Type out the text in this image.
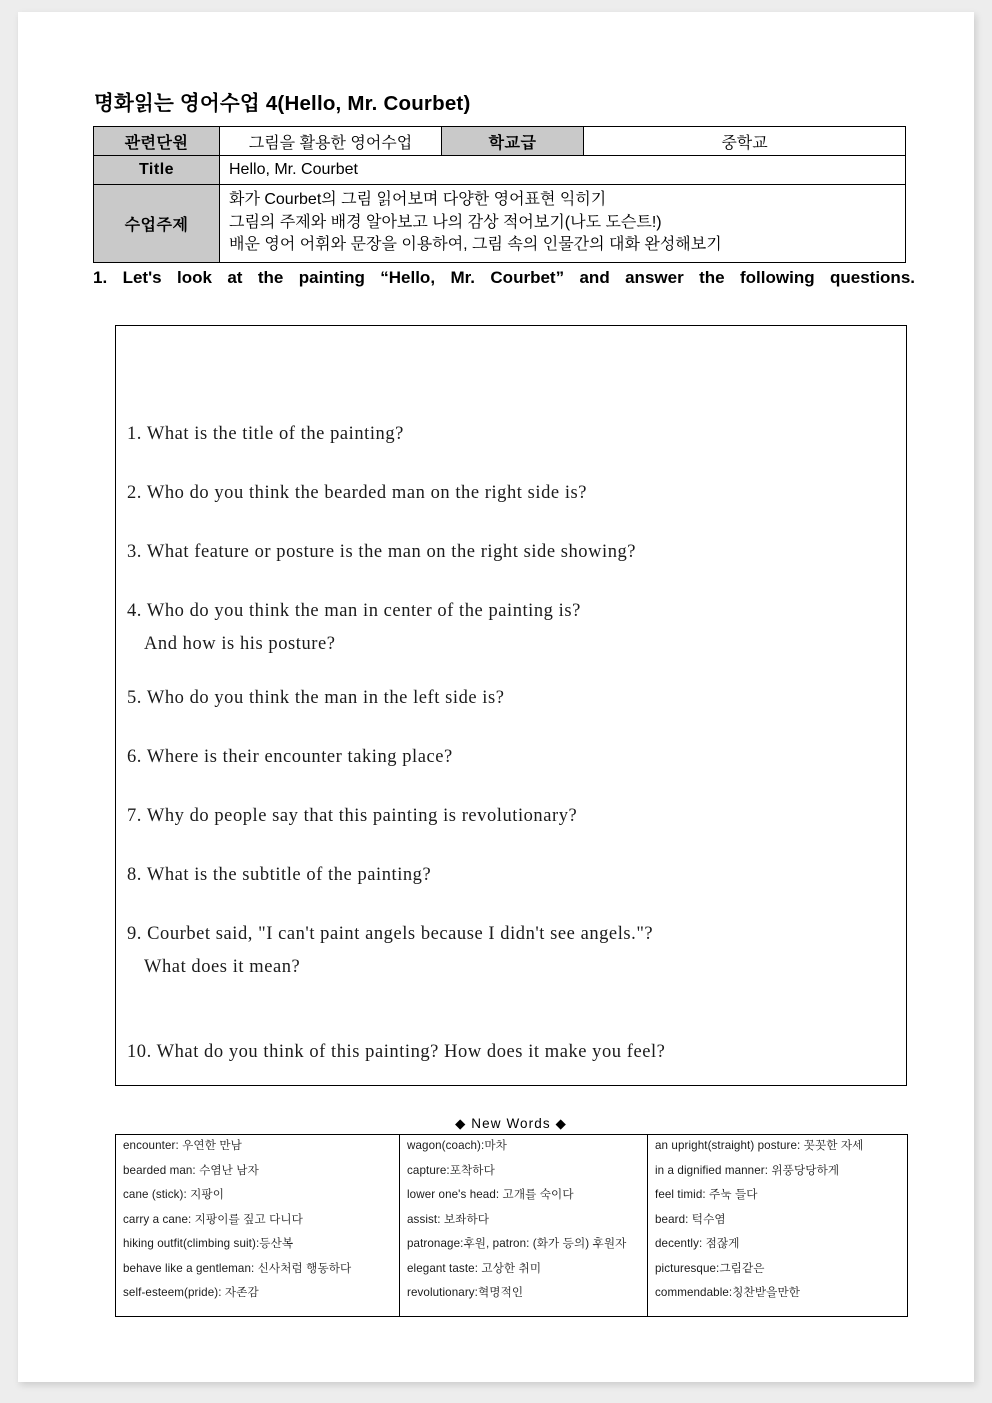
명화읽는 영어수업 4(Hello, Mr. Courbet)
관련단원	그림을 활용한 영어수업	학교급	중학교
Title	Hello, Mr. Courbet		
수업주제	화가 Courbet의 그림 읽어보며 다양한 영어표현 익히기
그림의 주제와 배경 알아보고 나의 감상 적어보기(나도 도슨트!)
배운 영어 어휘와 문장을 이용하여, 그림 속의 인물간의 대화 완성해보기		
1. Let's look at the painting “Hello, Mr. Courbet” and answer the following questions.
1. What is the title of the painting?
2. Who do you think the bearded man on the right side is?
3. What feature or posture is the man on the right side showing?
4. Who do you think the man in center of the painting is?
And how is his posture?
5. Who do you think the man in the left side is?
6. Where is their encounter taking place?
7. Why do people say that this painting is revolutionary?
8. What is the subtitle of the painting?
9. Courbet said, "I can't paint angels because I didn't see angels."?
What does it mean?
10. What do you think of this painting? How does it make you feel?
◆ New Words ◆
encounter: 우연한 만남
bearded man: 수염난 남자
cane (stick): 지팡이
carry a cane: 지팡이를 짚고 다니다
hiking outfit(climbing suit):등산복
behave like a gentleman: 신사처럼 행동하다
self-esteem(pride): 자존감

wagon(coach):마차
capture:포착하다
lower one's head: 고개를 숙이다
assist: 보좌하다
patronage:후원, patron: (화가 등의) 후원자
elegant taste: 고상한 취미
revolutionary:혁명적인

an upright(straight) posture: 꼿꼿한 자세
in a dignified manner: 위풍당당하게
feel timid: 주눅 들다
beard: 턱수염
decently: 점잖게
picturesque:그림같은
commendable:칭찬받을만한
